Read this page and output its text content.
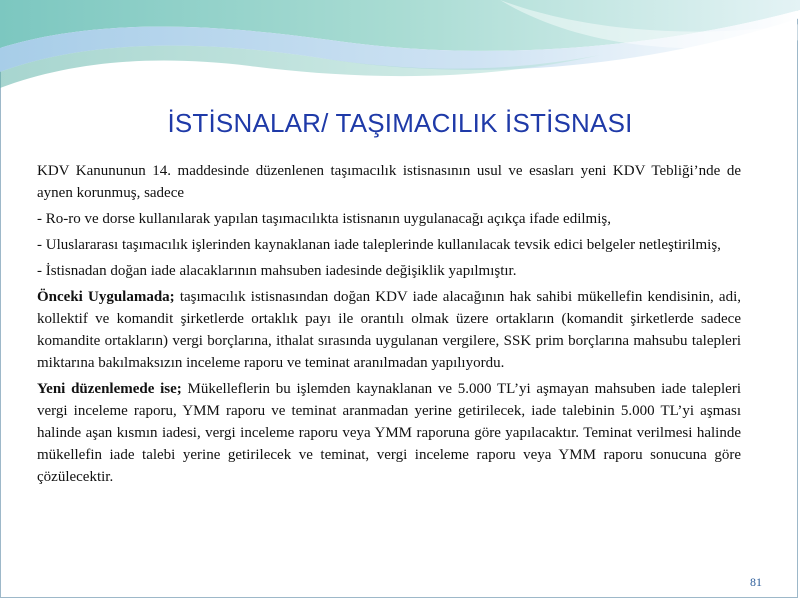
İSTİSNALAR/ TAŞIMACILIK İSTİSNASI

KDV Kanununun 14. maddesinde düzenlenen taşımacılık istisnasının usul ve esasları yeni KDV Tebliği’nde de aynen korunmuş, sadece

- Ro-ro ve dorse kullanılarak yapılan taşımacılıkta istisnanın uygulanacağı açıkça ifade edilmiş,

- Uluslararası taşımacılık işlerinden kaynaklanan iade taleplerinde kullanılacak tevsik edici belgeler netleştirilmiş,

- İstisnadan doğan iade alacaklarının mahsuben iadesinde değişiklik yapılmıştır.

Önceki Uygulamada; taşımacılık istisnasından doğan KDV iade alacağının hak sahibi mükellefin kendisinin, adi, kollektif ve komandit şirketlerde ortaklık payı ile orantılı olmak üzere ortakların (komandit şirketlerde sadece komandite ortakların) vergi borçlarına, ithalat sırasında uygulanan vergilere, SSK prim borçlarına mahsubu talepleri miktarına bakılmaksızın inceleme raporu ve teminat aranılmadan yapılıyordu.

Yeni düzenlemede ise; Mükelleflerin bu işlemden kaynaklanan ve 5.000 TL’yi aşmayan mahsuben iade talepleri vergi inceleme raporu, YMM raporu ve teminat aranmadan yerine getirilecek, iade talebinin 5.000 TL’yi aşması halinde aşan kısmın iadesi, vergi inceleme raporu veya YMM raporuna göre yapılacaktır. Teminat verilmesi halinde mükellefin iade talebi yerine getirilecek ve teminat, vergi inceleme raporu veya YMM raporu sonucuna göre çözülecektir.

81
